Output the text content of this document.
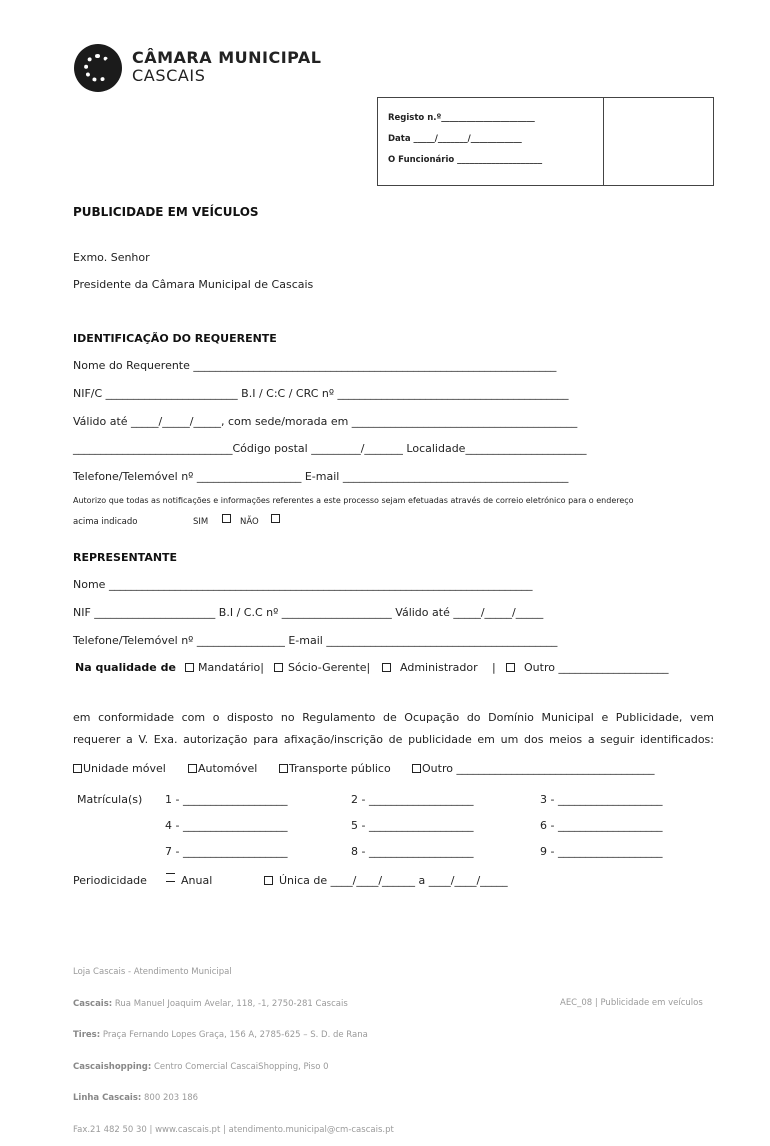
CÂMARA MUNICIPAL
CASCAIS
Registo n.º______________________
Data _____/_______/____________
O Funcionário ____________________
PUBLICIDADE EM VEÍCULOS
Exmo. Senhor
Presidente da Câmara Municipal de Cascais
IDENTIFICAÇÃO DO REQUERENTE
Nome do Requerente __________________________________________________________________
NIF/C ________________________ B.I / C:C / CRC nº __________________________________________
Válido até _____/_____/_____, com sede/morada em _________________________________________
_____________________________Código postal _________/_______ Localidade______________________
Telefone/Telemóvel nº ___________________ E-mail _________________________________________
Autorizo que todas as notificações e informações referentes a este processo sejam efetuadas através de correio eletrónico para o endereço
acima indicado	SIM	NÃO
REPRESENTANTE
Nome _____________________________________________________________________________
NIF ______________________ B.I / C.C nº ____________________ Válido até _____/_____/_____
Telefone/Telemóvel nº ________________ E-mail __________________________________________
Na qualidade de Mandatário| Sócio-Gerente|	Administrador |	Outro ____________________
em conformidade com o disposto no Regulamento de Ocupação do Domínio Municipal e Publicidade, vem
requerer a V. Exa. autorização para afixação/inscrição de publicidade em um dos meios a seguir identificados:
Unidade móvel	Automóvel	Transporte público	Outro ____________________________________
Matrícula(s) 1 - ___________________	2 - ___________________	3 - ___________________
4 - ___________________	5 - ___________________	6 - ___________________
7 - ___________________	8 - ___________________	9 - ___________________
Periodicidade	Anual	Única de ____/____/______ a ____/____/_____

Loja Cascais - Atendimento Municipal

Cascais: Rua Manuel Joaquim Avelar, 118, -1, 2750-281 Cascais

Tires: Praça Fernando Lopes Graça, 156 A, 2785-625 – S. D. de Rana

Cascaishopping: Centro Comercial CascaiShopping, Piso 0

Linha Cascais: 800 203 186

Fax.21 482 50 30 | www.cascais.pt | atendimento.municipal@cm-cascais.pt

AEC_08 | Publicidade em veículos
